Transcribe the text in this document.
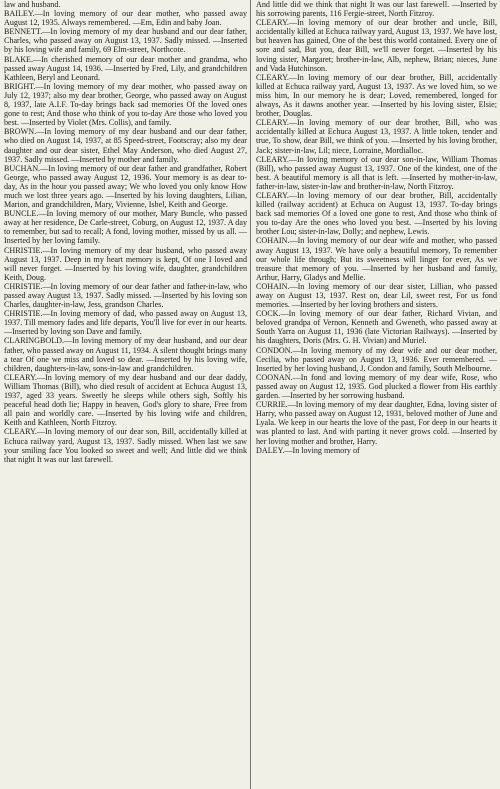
law and husband.

BAILEY.—In loving memory of our dear mother, who passed away August 12, 1935. Always remembered. —Em, Edin and baby Joan.

BENNETT.—In loving memory of my dear husband and our dear father, Charles, who passed away on August 13, 1937. Sadly missed. —Inserted by his loving wife and family, 69 Elm-street, Northcote.

BLAKE.—In cherished memory of our dear mother and grandma, who passed away August 14, 1936. —Inserted by Fred, Lily, and grandchildren Kathleen, Beryl and Leonard.

BRIGHT.—In loving memory of my dear mother, who passed away on July 12, 1937; also my dear brother, George, who passed away on August 8, 1937, late A.I.F. To-day brings back sad memories Of the loved ones gone to rest; And those who think of you to-day Are those who loved you best. —Inserted by Violet (Mrs. Collis), and family.

BROWN.—In loving memory of my dear husband and our dear father, who died on August 14, 1937, at 85 Speed-street, Footscray; also my dear daughter and our dear sister, Ethel May Anderson, who died August 27, 1937. Sadly missed. —Inserted by mother and family.

BUCHAN.—In loving memory of our dear father and grandfather, Robert George, who passed away August 12, 1936. Your memory is as dear to-day, As in the hour you passed away; We who loved you only know How much we lost three years ago. —Inserted by his loving daughters, Lilian, Marion, and grandchildren, Mary, Vivienne, Isbel, Keith and George.

BUNCLE.—In loving memory of our mother, Mary Buncle, who passed away at her residence, De Carle-street, Coburg, on August 12, 1937. A day to remember, but sad to recall; A fond, loving mother, missed by us all. —Inserted by her loving family.

CHRISTIE.—In loving memory of my dear husband, who passed away August 13, 1937. Deep in my heart memory is kept, Of one I loved and will never forget. —Inserted by his loving wife, daughter, grandchildren Keith, Doug.

CHRISTIE.—In loving memory of our dear father and father-in-law, who passed away August 13, 1937. Sadly missed. —Inserted by his loving son Charles, daughter-in-law, Jess, grandson Charles.

CHRISTIE.—In loving memory of dad, who passed away on August 13, 1937. Till memory fades and life departs, You'll live for ever in our hearts. —Inserted by loving son Dave and family.

CLARINGBOLD.—In loving memory of my dear husband, and our dear father, who passed away on August 11, 1934. A silent thought brings many a tear Of one we miss and loved so dear. —Inserted by his loving wife, children, daughters-in-law, sons-in-law and grandchildren.

CLEARY.—In loving memory of my dear husband and our dear daddy, William Thomas (Bill), who died result of accident at Echuca August 13, 1937, aged 33 years. Sweetly he sleeps while others sigh, Softly his peaceful head doth lie; Happy in heaven, God's glory to share, Free from all pain and worldly care. —Inserted by his loving wife and children, Keith and Kathleen, North Fitzroy.

CLEARY.—In loving memory of our dear son, Bill, accidentally killed at Echuca railway yard, August 13, 1937. Sadly missed. When last we saw your smiling face You looked so sweet and well; And little did we think that night It was our last farewell.

And little did we think that night It was our last farewell. —Inserted by his sorrowing parents, 116 Fergie-street, North Fitzroy.

CLEARY.—In loving memory of our dear brother and uncle, Bill, accidentally killed at Echuca railway yard, August 13, 1937. We have lost, but heaven has gained, One of the best this world contained. Every one of sore and sad, But you, dear Bill, we'll never forget. —Inserted by his loving sister, Margaret; brother-in-law, Alb, nephew, Brian; nieces, June and Vada Hutchinson.

CLEARY.—In loving memory of our dear brother, Bill, accidentally killed at Echuca railway yard, August 13, 1937. As we loved him, so we miss him, In our memory he is dear; Loved, remembered, longed for always, As it dawns another year. —Inserted by his loving sister, Elsie; brother, Douglas.

CLEARY.—In loving memory of our dear brother, Bill, who was accidentally killed at Echuca August 13, 1937. A little token, tender and true, To show, dear Bill, we think of you. —Inserted by his loving brother, Jack; sister-in-law, Lil; niece, Lorraine, Mordialloc.

CLEARY.—In loving memory of our dear son-in-law, William Thomas (Bill), who passed away August 13, 1937. One of the kindest, one of the best. A beautiful memory is all that is left. —Inserted by mother-in-law, father-in-law, sister-in-law and brother-in-law, North Fitzroy.

CLEARY.—In loving memory of our dear brother, Bill, accidentally killed (railway accident) at Echuca on August 13, 1937. To-day brings back sad memories Of a loved one gone to rest, And those who think of you to-day Are the ones who loved you best. —Inserted by his loving brother Lou; sister-in-law, Dolly; and nephew, Lewis.

COHAIN.—In loving memory of our dear wife and mother, who passed away August 13, 1937. We have only a beautiful memory, To remember our whole life through; But its sweetness will linger for ever, As we treasure that memory of you. —Inserted by her husband and family, Arthur, Harry, Gladys and Mellie.

COHAIN.—In loving memory of our dear sister, Lillian, who passed away on August 13, 1937. Rest on, dear Lil, sweet rest, For us fond memories. —Inserted by her loving brothers and sisters.

COCK.—In loving memory of our dear father, Richard Vivian, and beloved grandpa of Vernon, Kenneth and Gweneth, who passed away at South Yarra on August 11, 1936 (late Victorian Railways). —Inserted by his daughters, Doris (Mrs. G. H. Vivian) and Muriel.

CONDON.—In loving memory of my dear wife and our dear mother, Cecilia, who passed away on August 13, 1936. Ever remembered. —Inserted by her loving husband, J. Condon and family, South Melbourne.

COONAN.—In fond and loving memory of my dear wife, Rose, who passed away on August 12, 1935. God plucked a flower from His earthly garden. —Inserted by her sorrowing husband.

CURRIE.—In loving memory of my dear daughter, Edna, loving sister of Harry, who passed away on August 12, 1931, beloved mother of June and Lyala. We keep in our hearts the love of the past, For deep in our hearts it was planted to last. And with parting it never grows cold. —Inserted by her loving mother and brother, Harry.

DALEY.—In loving memory of
